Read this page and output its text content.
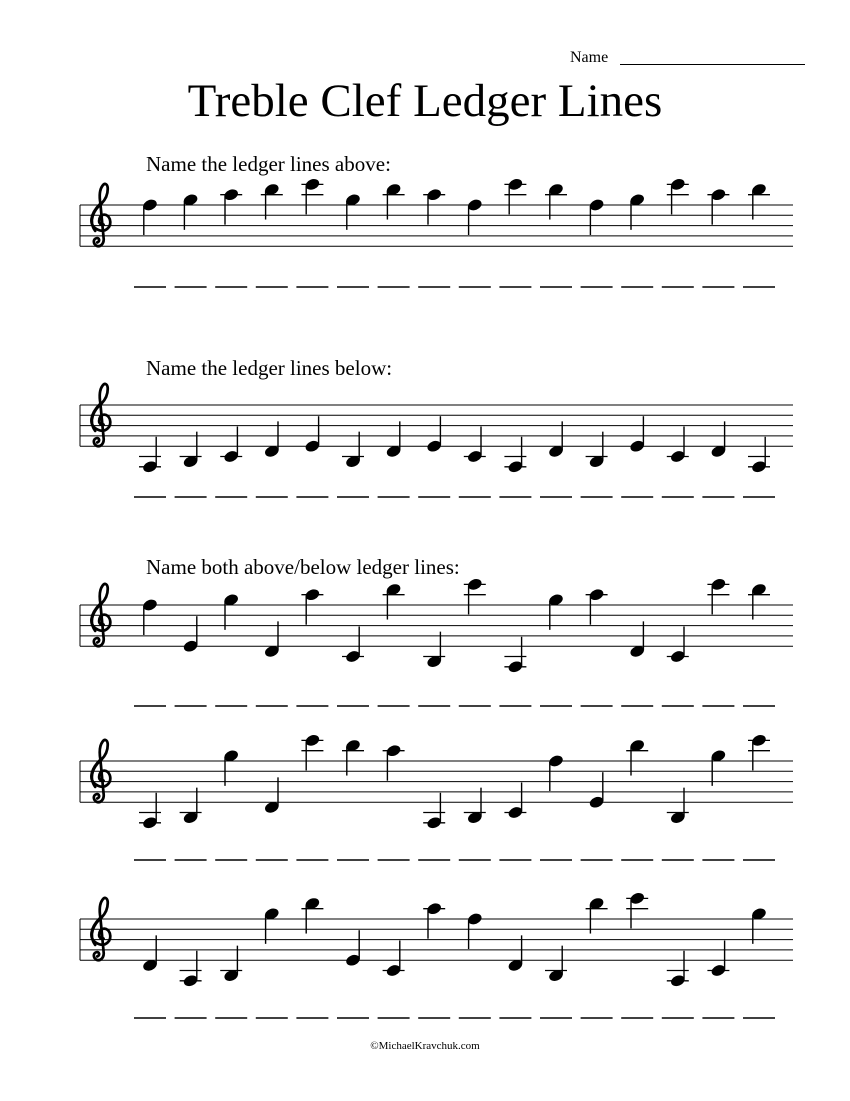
Name
Treble Clef Ledger Lines
Name the ledger lines above:
Name the ledger lines below:
Name both above/below ledger lines:
©MichaelKravchuk.com
